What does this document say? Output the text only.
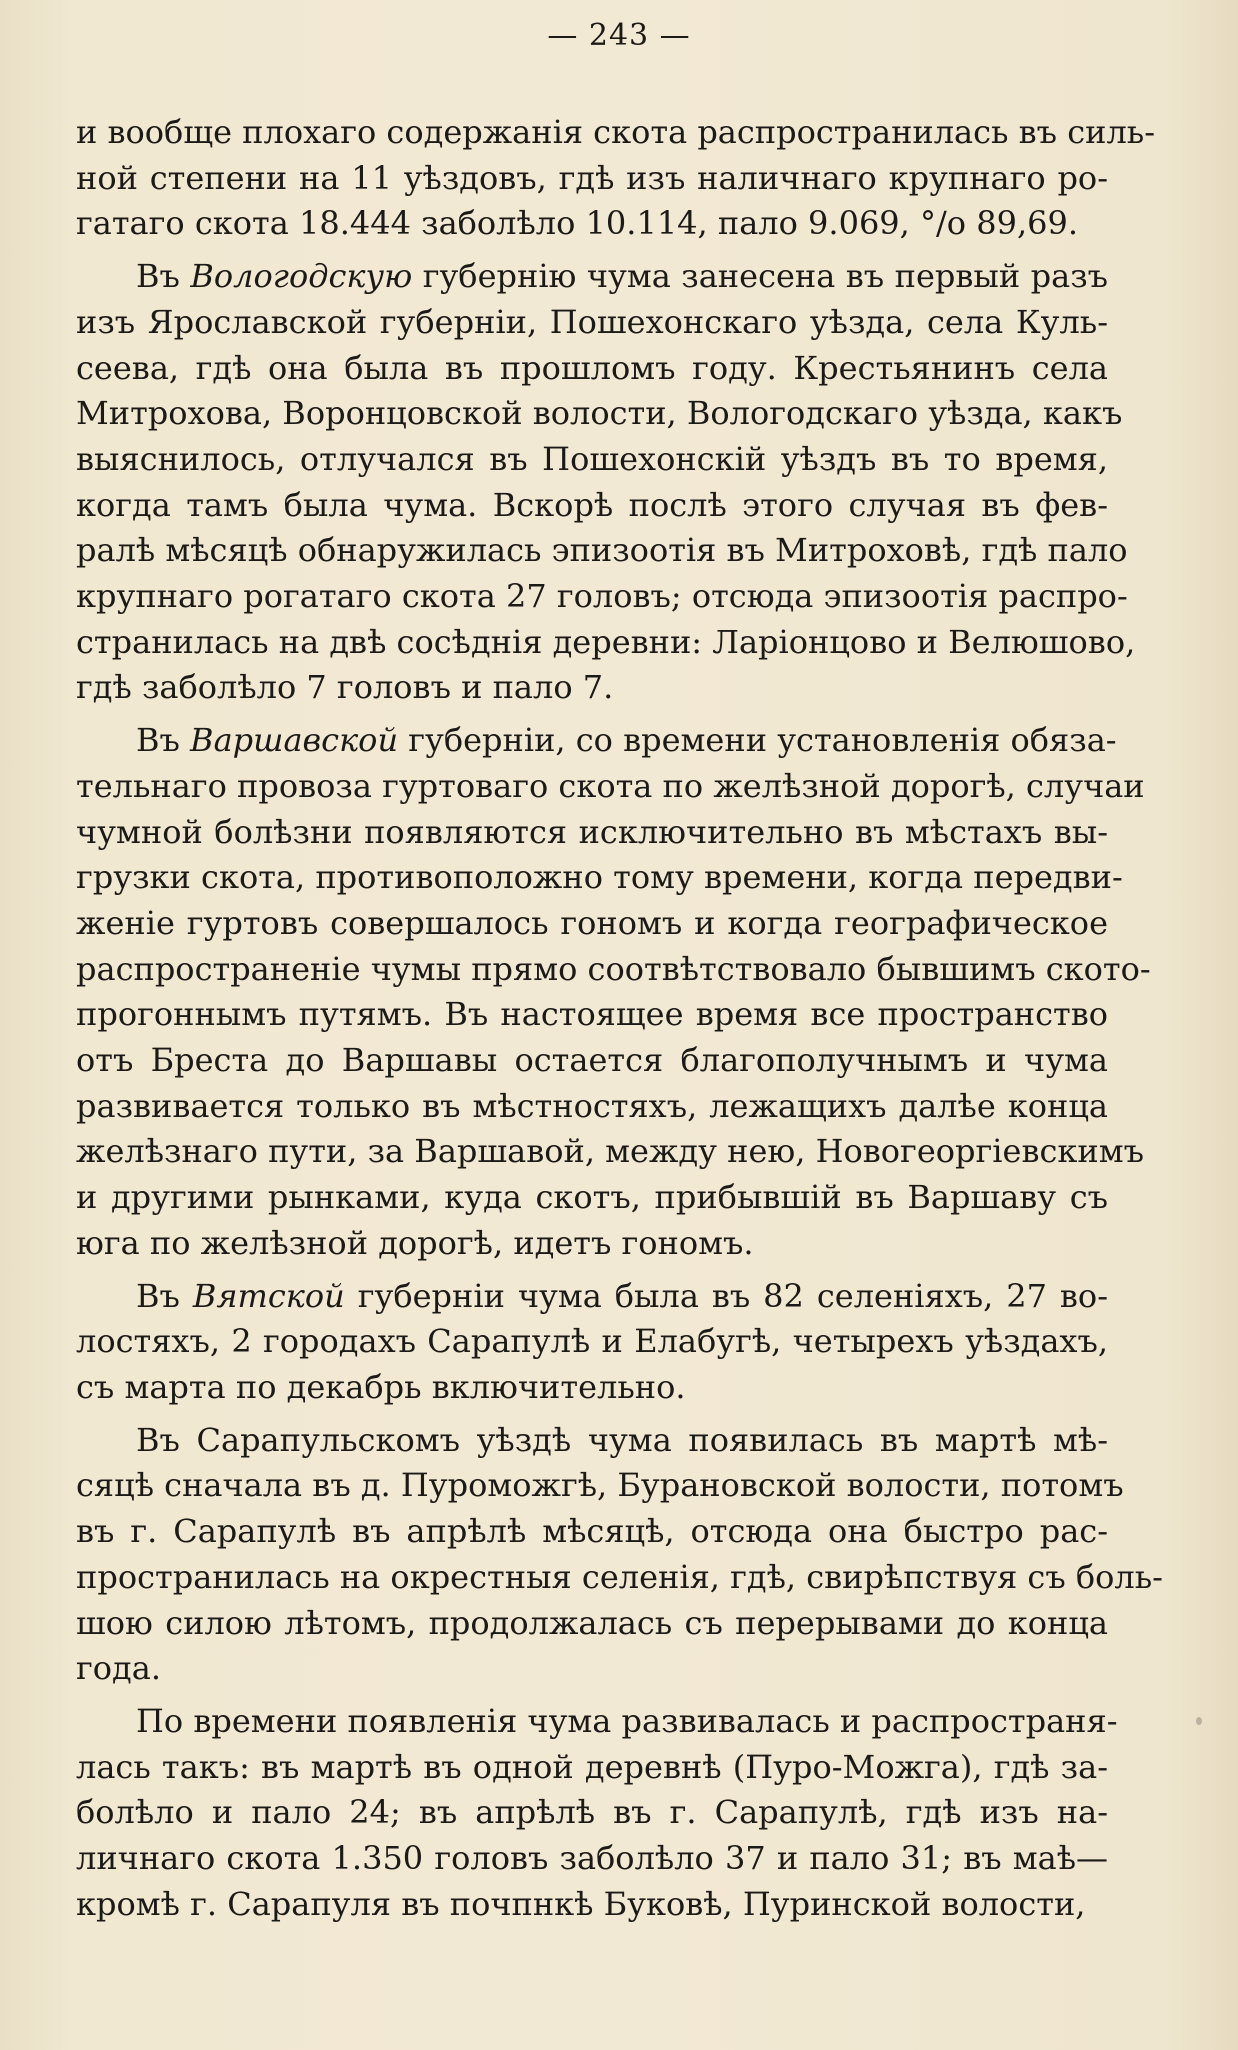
— 243 —
и вообще плохаго содержанія скота распространилась въ силь-
ной степени на 11 уѣздовъ, гдѣ изъ наличнаго крупнаго ро-
гатаго скота 18.444 заболѣло 10.114, пало 9.069, °/о 89,69.
Въ Вологодскую губернію чума занесена въ первый разъ
изъ Ярославской губерніи, Пошехонскаго уѣзда, села Куль-
сеева, гдѣ она была въ прошломъ году. Крестьянинъ села
Митрохова, Воронцовской волости, Вологодскаго уѣзда, какъ
выяснилось, отлучался въ Пошехонскій уѣздъ въ то время,
когда тамъ была чума. Вскорѣ послѣ этого случая въ фев-
ралѣ мѣсяцѣ обнаружилась эпизоотія въ Митроховѣ, гдѣ пало
крупнаго рогатаго скота 27 головъ; отсюда эпизоотія распро-
странилась на двѣ сосѣднія деревни: Ларіонцово и Велюшово,
гдѣ заболѣло 7 головъ и пало 7.
Въ Варшавской губерніи, со времени установленія обяза-
тельнаго провоза гуртоваго скота по желѣзной дорогѣ, случаи
чумной болѣзни появляются исключительно въ мѣстахъ вы-
грузки скота, противоположно тому времени, когда передви-
женіе гуртовъ совершалось гономъ и когда географическое
распространеніе чумы прямо соотвѣтствовало бывшимъ ското-
прогоннымъ путямъ. Въ настоящее время все пространство
отъ Бреста до Варшавы остается благополучнымъ и чума
развивается только въ мѣстностяхъ, лежащихъ далѣе конца
желѣзнаго пути, за Варшавой, между нею, Новогеоргіевскимъ
и другими рынками, куда скотъ, прибывшій въ Варшаву съ
юга по желѣзной дорогѣ, идетъ гономъ.
Въ Вятской губерніи чума была въ 82 селеніяхъ, 27 во-
лостяхъ, 2 городахъ Сарапулѣ и Елабугѣ, четырехъ уѣздахъ,
съ марта по декабрь включительно.
Въ Сарапульскомъ уѣздѣ чума появилась въ мартѣ мѣ-
сяцѣ сначала въ д. Пуроможгѣ, Бурановской волости, потомъ
въ г. Сарапулѣ въ апрѣлѣ мѣсяцѣ, отсюда она быстро рас-
пространилась на окрестныя селенія, гдѣ, свирѣпствуя съ боль-
шою силою лѣтомъ, продолжалась съ перерывами до конца
года.
По времени появленія чума развивалась и распространя-
лась такъ: въ мартѣ въ одной деревнѣ (Пуро-Можга), гдѣ за-
болѣло и пало 24; въ апрѣлѣ въ г. Сарапулѣ, гдѣ изъ на-
личнаго скота 1.350 головъ заболѣло 37 и пало 31; въ маѣ—
кромѣ г. Сарапуля въ почпнкѣ Буковѣ, Пуринской волости,
